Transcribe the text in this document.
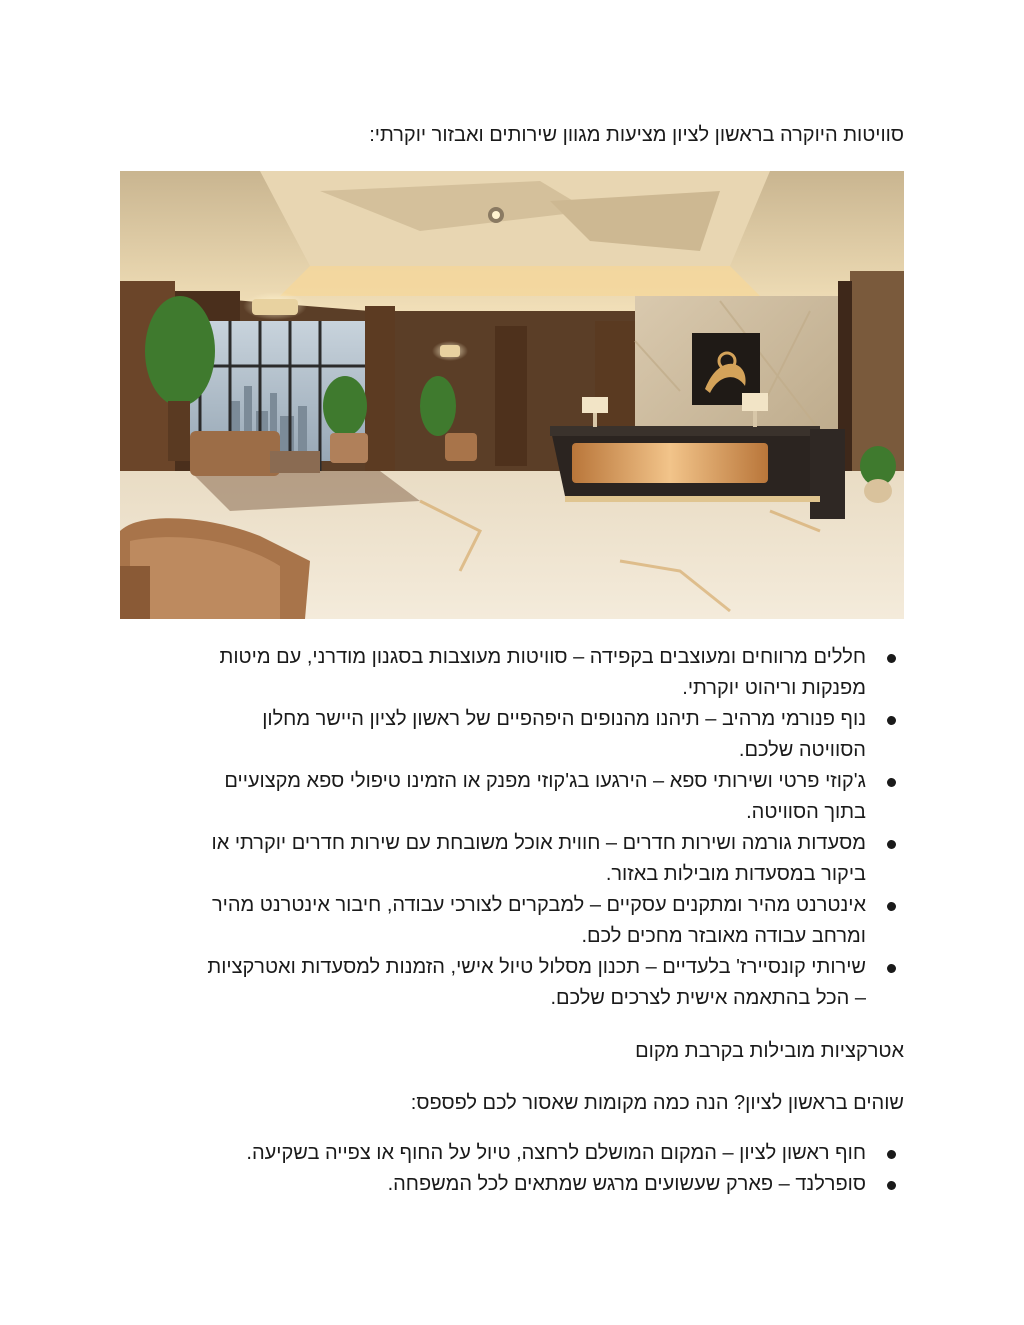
סוויטות היוקרה בראשון לציון מציעות מגוון שירותים ואבזור יוקרתי:

חללים מרווחים ומעוצבים בקפידה – סוויטות מעוצבות בסגנון מודרני, עם מיטות
מפנקות וריהוט יוקרתי.
נוף פנורמי מרהיב – תיהנו מהנופים היפהפיים של ראשון לציון היישר מחלון
הסוויטה שלכם.
ג'קוזי פרטי ושירותי ספא – הירגעו בג'קוזי מפנק או הזמינו טיפולי ספא מקצועיים
בתוך הסוויטה.
מסעדות גורמה ושירות חדרים – חווית אוכל משובחת עם שירות חדרים יוקרתי או
ביקור במסעדות מובילות באזור.
אינטרנט מהיר ומתקנים עסקיים – למבקרים לצורכי עבודה, חיבור אינטרנט מהיר
ומרחב עבודה מאובזר מחכים לכם.
שירותי קונסיירז' בלעדיים – תכנון מסלול טיול אישי, הזמנות למסעדות ואטרקציות
– הכל בהתאמה אישית לצרכים שלכם.

אטרקציות מובילות בקרבת מקום

שוהים בראשון לציון? הנה כמה מקומות שאסור לכם לפספס:

חוף ראשון לציון – המקום המושלם לרחצה, טיול על החוף או צפייה בשקיעה.
סופרלנד – פארק שעשועים מרגש שמתאים לכל המשפחה.
